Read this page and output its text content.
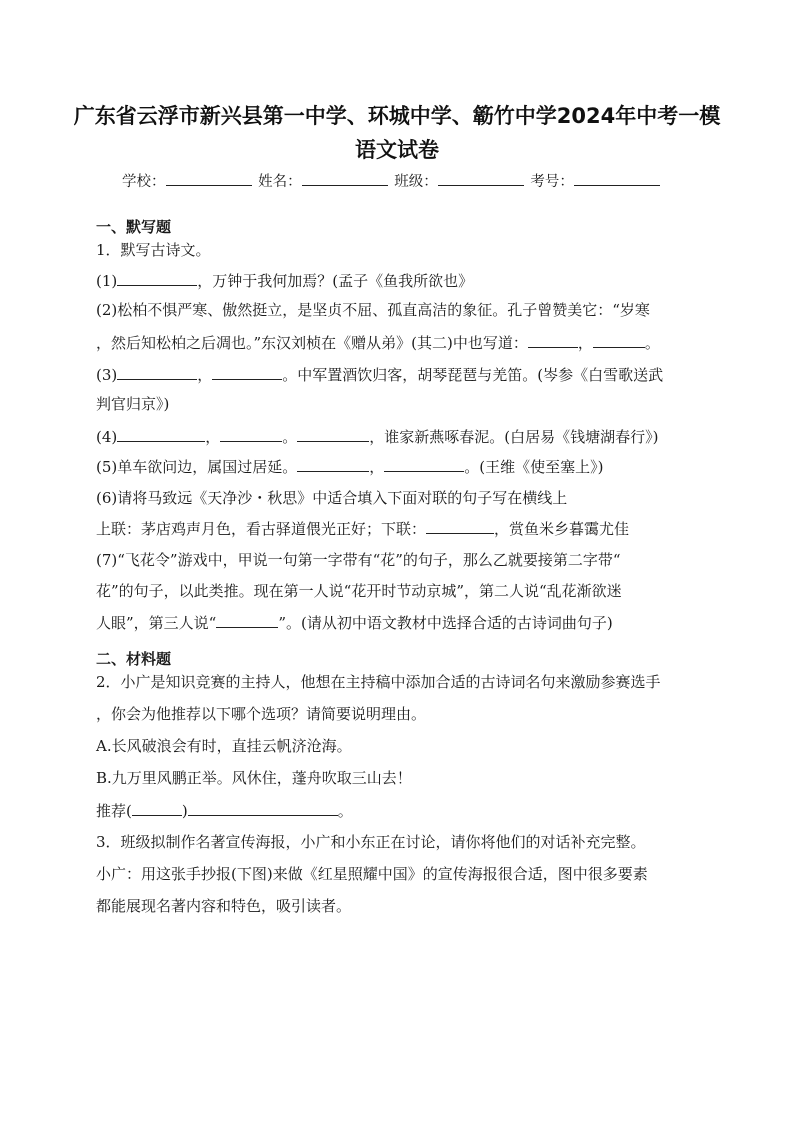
广东省云浮市新兴县第一中学、环城中学、簕竹中学2024年中考一模
语文试卷
学校：	姓名：	班级：	考号：
一、默写题
1．默写古诗文。
(1)	，万钟于我何加焉？(孟子《鱼我所欲也》
(2)松柏不惧严寒、傲然挺立，是坚贞不屈、孤直高洁的象征。孔子曾赞美它：“岁寒
，然后知松柏之后凋也。”东汉刘桢在《赠从弟》(其二)中也写道：	，	。
(3)	，	。中军置酒饮归客，胡琴琵琶与羌笛。(岑参《白雪歌送武
判官归京》)
(4)	，	。	，谁家新燕啄春泥。(白居易《钱塘湖春行》)
(5)单车欲问边，属国过居延。	，	。(王维《使至塞上》)
(6)请将马致远《天净沙・秋思》中适合填入下面对联的句子写在横线上
上联：茅店鸡声月色，看古驿道偎光正好；下联：	，赏鱼米乡暮霭尤佳
(7)“飞花令”游戏中，甲说一句第一字带有“花”的句子，那么乙就要接第二字带“
花”的句子，以此类推。现在第一人说“花开时节动京城”，第二人说“乱花渐欲迷
人眼”，第三人说“	”。(请从初中语文教材中选择合适的古诗词曲句子)
二、材料题
2．小广是知识竞赛的主持人，他想在主持稿中添加合适的古诗词名句来激励参赛选手
，你会为他推荐以下哪个选项？请简要说明理由。
A.长风破浪会有时，直挂云帆济沧海。
B.九万里风鹏正举。风休住，蓬舟吹取三山去！
推荐(	)	。
3．班级拟制作名著宣传海报，小广和小东正在讨论，请你将他们的对话补充完整。
小广：用这张手抄报(下图)来做《红星照耀中国》的宣传海报很合适，图中很多要素
都能展现名著内容和特色，吸引读者。
